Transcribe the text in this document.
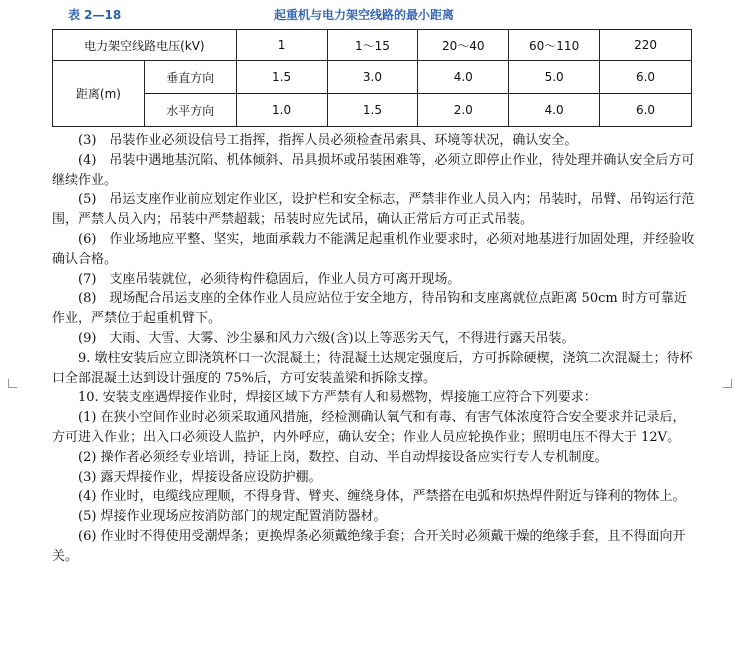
表 2—18	起重机与电力架空线路的最小距离
电力架空线路电压(kV)		1	1～15	20～40	60～110	220
距离(m)	垂直方向	1.5	3.0	4.0	5.0	6.0
	水平方向	1.0	1.5	2.0	4.0	6.0

(3)　吊装作业必须设信号工指挥，指挥人员必须检查吊索具、环境等状况，确认安全。

(4)　吊装中遇地基沉陷、机体倾斜、吊具损坏或吊装困难等，必须立即停止作业，待处理并确认安全后方可继续作业。

(5)　吊运支座作业前应划定作业区，设护栏和安全标志，严禁非作业人员入内；吊装时，吊臂、吊钩运行范围，严禁人员入内；吊装中严禁超载；吊装时应先试吊，确认正常后方可正式吊装。

(6)　作业场地应平整、坚实，地面承载力不能满足起重机作业要求时，必须对地基进行加固处理，并经验收确认合格。

(7)　支座吊装就位，必须待构件稳固后，作业人员方可离开现场。

(8)　现场配合吊运支座的全体作业人员应站位于安全地方，待吊钩和支座离就位点距离 50cm 时方可靠近作业，严禁位于起重机臂下。

(9)　大雨、大雪、大雾、沙尘暴和风力六级(含)以上等恶劣天气，不得进行露天吊装。

9. 墩柱安装后应立即浇筑杯口一次混凝土；待混凝土达规定强度后，方可拆除硬楔，浇筑二次混凝土；待杯口全部混凝土达到设计强度的 75%后，方可安装盖梁和拆除支撑。

10. 安装支座遇焊接作业时，焊接区域下方严禁有人和易燃物，焊接施工应符合下列要求：

(1) 在狭小空间作业时必须采取通风措施，经检测确认氧气和有毒、有害气体浓度符合安全要求并记录后，方可进入作业；出入口必须设人监护，内外呼应，确认安全；作业人员应轮换作业；照明电压不得大于 12V。

(2) 操作者必须经专业培训，持证上岗，数控、自动、半自动焊接设备应实行专人专机制度。

(3) 露天焊接作业，焊接设备应设防护棚。

(4) 作业时，电缆线应理顺，不得身背、臂夹、缠绕身体，严禁搭在电弧和炽热焊件附近与锋利的物体上。

(5) 焊接作业现场应按消防部门的规定配置消防器材。

(6) 作业时不得使用受潮焊条；更换焊条必须戴绝缘手套；合开关时必须戴干燥的绝缘手套，且不得面向开关。
